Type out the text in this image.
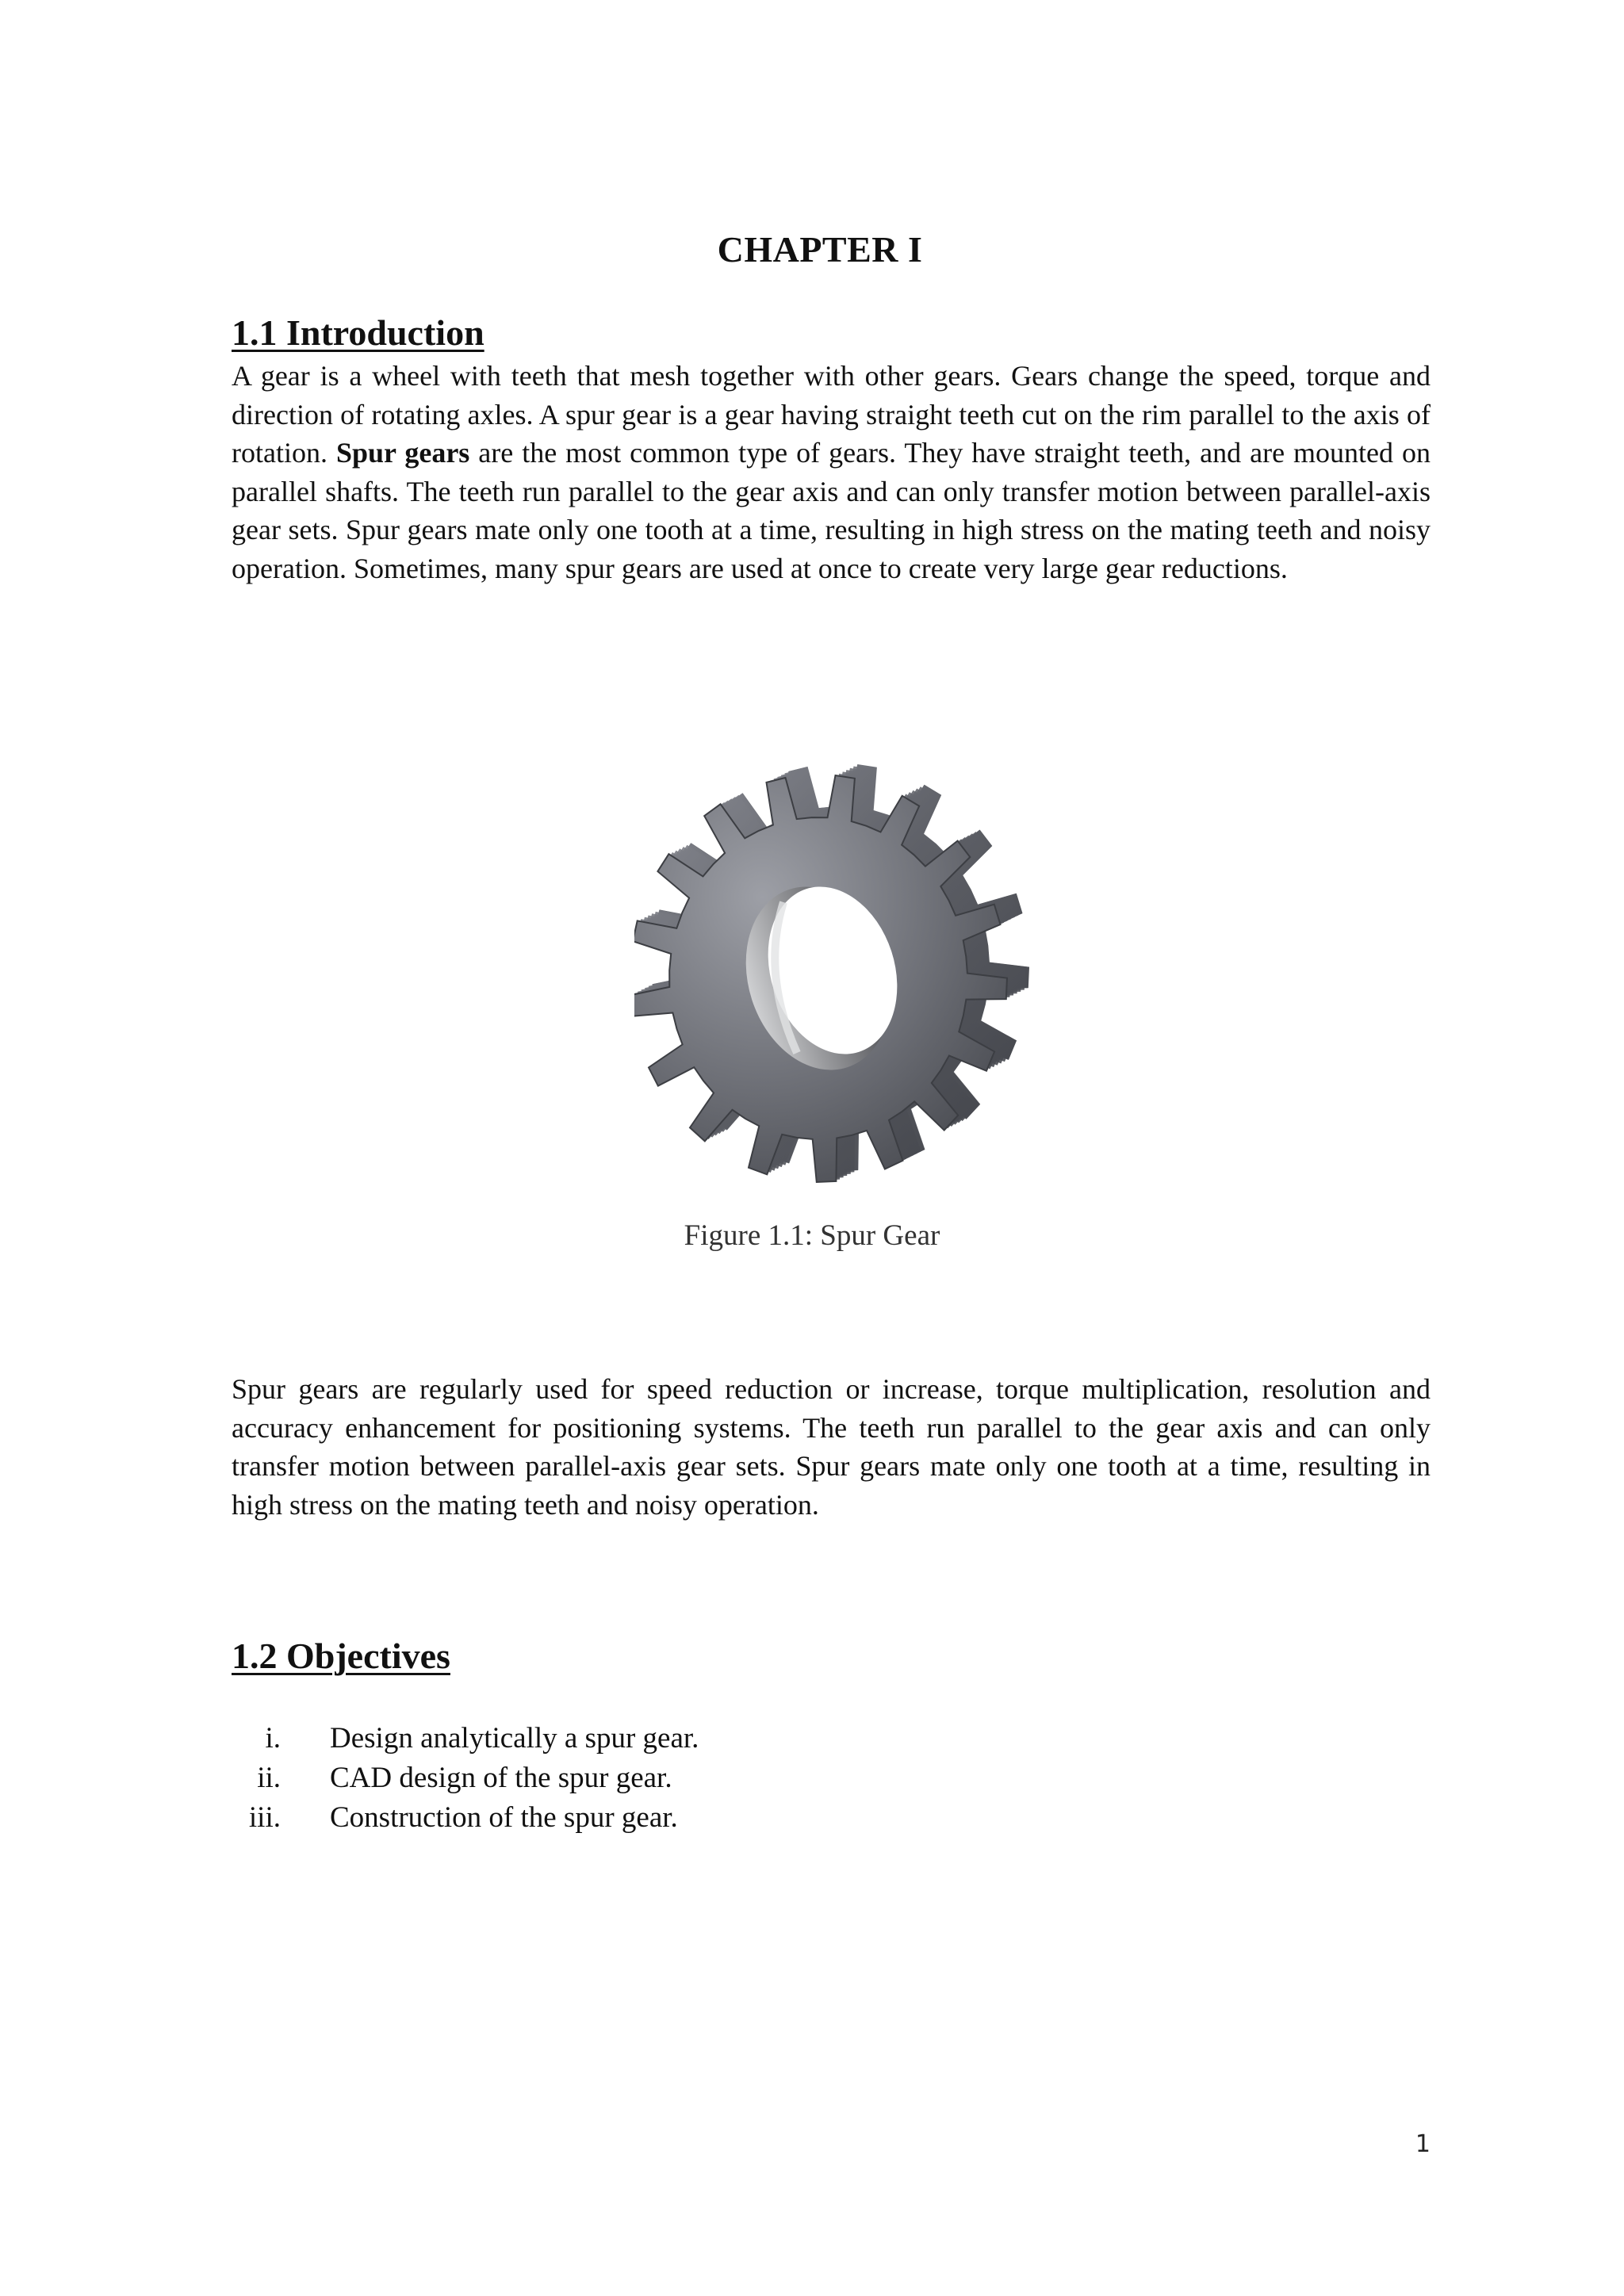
CHAPTER I
1.1 Introduction

A gear is a wheel with teeth that mesh together with other gears. Gears change the speed, torque and direction of rotating axles. A spur gear is a gear having straight teeth cut on the rim parallel to the axis of rotation. Spur gears are the most common type of gears. They have straight teeth, and are mounted on parallel shafts. The teeth run parallel to the gear axis and can only transfer motion between parallel-axis gear sets. Spur gears mate only one tooth at a time, resulting in high stress on the mating teeth and noisy operation. Sometimes, many spur gears are used at once to create very large gear reductions.

Figure 1.1: Spur Gear

Spur gears are regularly used for speed reduction or increase, torque multiplication, resolution and accuracy enhancement for positioning systems. The teeth run parallel to the gear axis and can only transfer motion between parallel-axis gear sets. Spur gears mate only one tooth at a time, resulting in high stress on the mating teeth and noisy operation.

1.2 Objectives
i. Design analytically a spur gear.
ii. CAD design of the spur gear.
iii. Construction of the spur gear.
1
